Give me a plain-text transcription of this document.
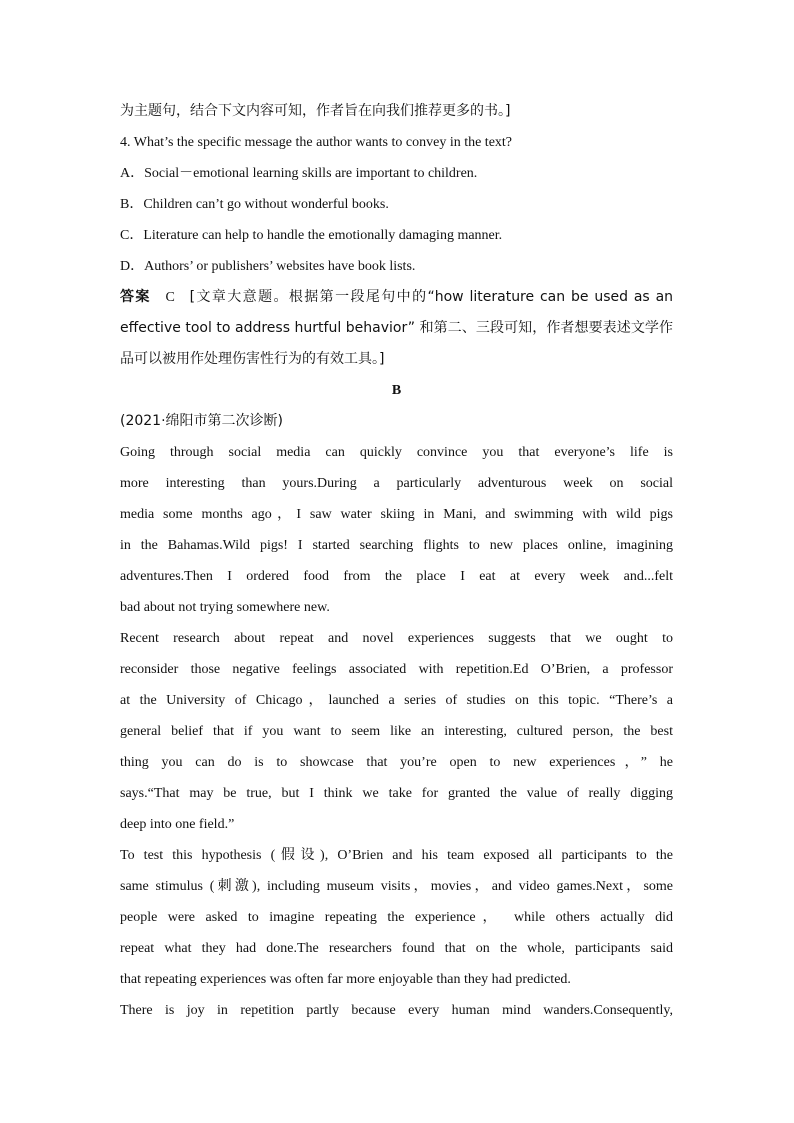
为主题句，结合下文内容可知，作者旨在向我们推荐更多的书。]
4. What’s the specific message the author wants to convey in the text?
A．Social－emotional learning skills are important to children.
B．Children can’t go without wonderful books.
C．Literature can help to handle the emotionally damaging manner.
D．Authors’ or publishers’ websites have book lists.
答案 C [文章大意题。根据第一段尾句中的“how literature can be used as an
effective tool to address hurtful behavior” 和第二、三段可知，作者想要表述文学作
品可以被用作处理伤害性行为的有效工具。]
B
(2021·绵阳市第二次诊断)
Going through social media can quickly convince you that everyone’s life is
more interesting than yours.During a particularly adventurous week on social
media some months ago，I saw water skiing in Mani, and swimming with wild pigs
in the Bahamas.Wild pigs! I started searching flights to new places online, imagining
adventures.Then I ordered food from the place I eat at every week and...felt
bad about not trying somewhere new.
Recent research about repeat and novel experiences suggests that we ought to
reconsider those negative feelings associated with repetition.Ed O’Brien, a professor
at the University of Chicago，launched a series of studies on this topic. “There’s a
general belief that if you want to seem like an interesting, cultured person, the best
thing you can do is to showcase that you’re open to new experiences，” he
says.“That may be true, but I think we take for granted the value of really digging
deep into one field.”
To test this hypothesis (假设), O’Brien and his team exposed all participants to the
same stimulus (刺激), including museum visits，movies，and video games.Next，some
people were asked to imagine repeating the experience， while others actually did
repeat what they had done.The researchers found that on the whole, participants said
that repeating experiences was often far more enjoyable than they had predicted.
There is joy in repetition partly because every human mind wanders.Consequently,
